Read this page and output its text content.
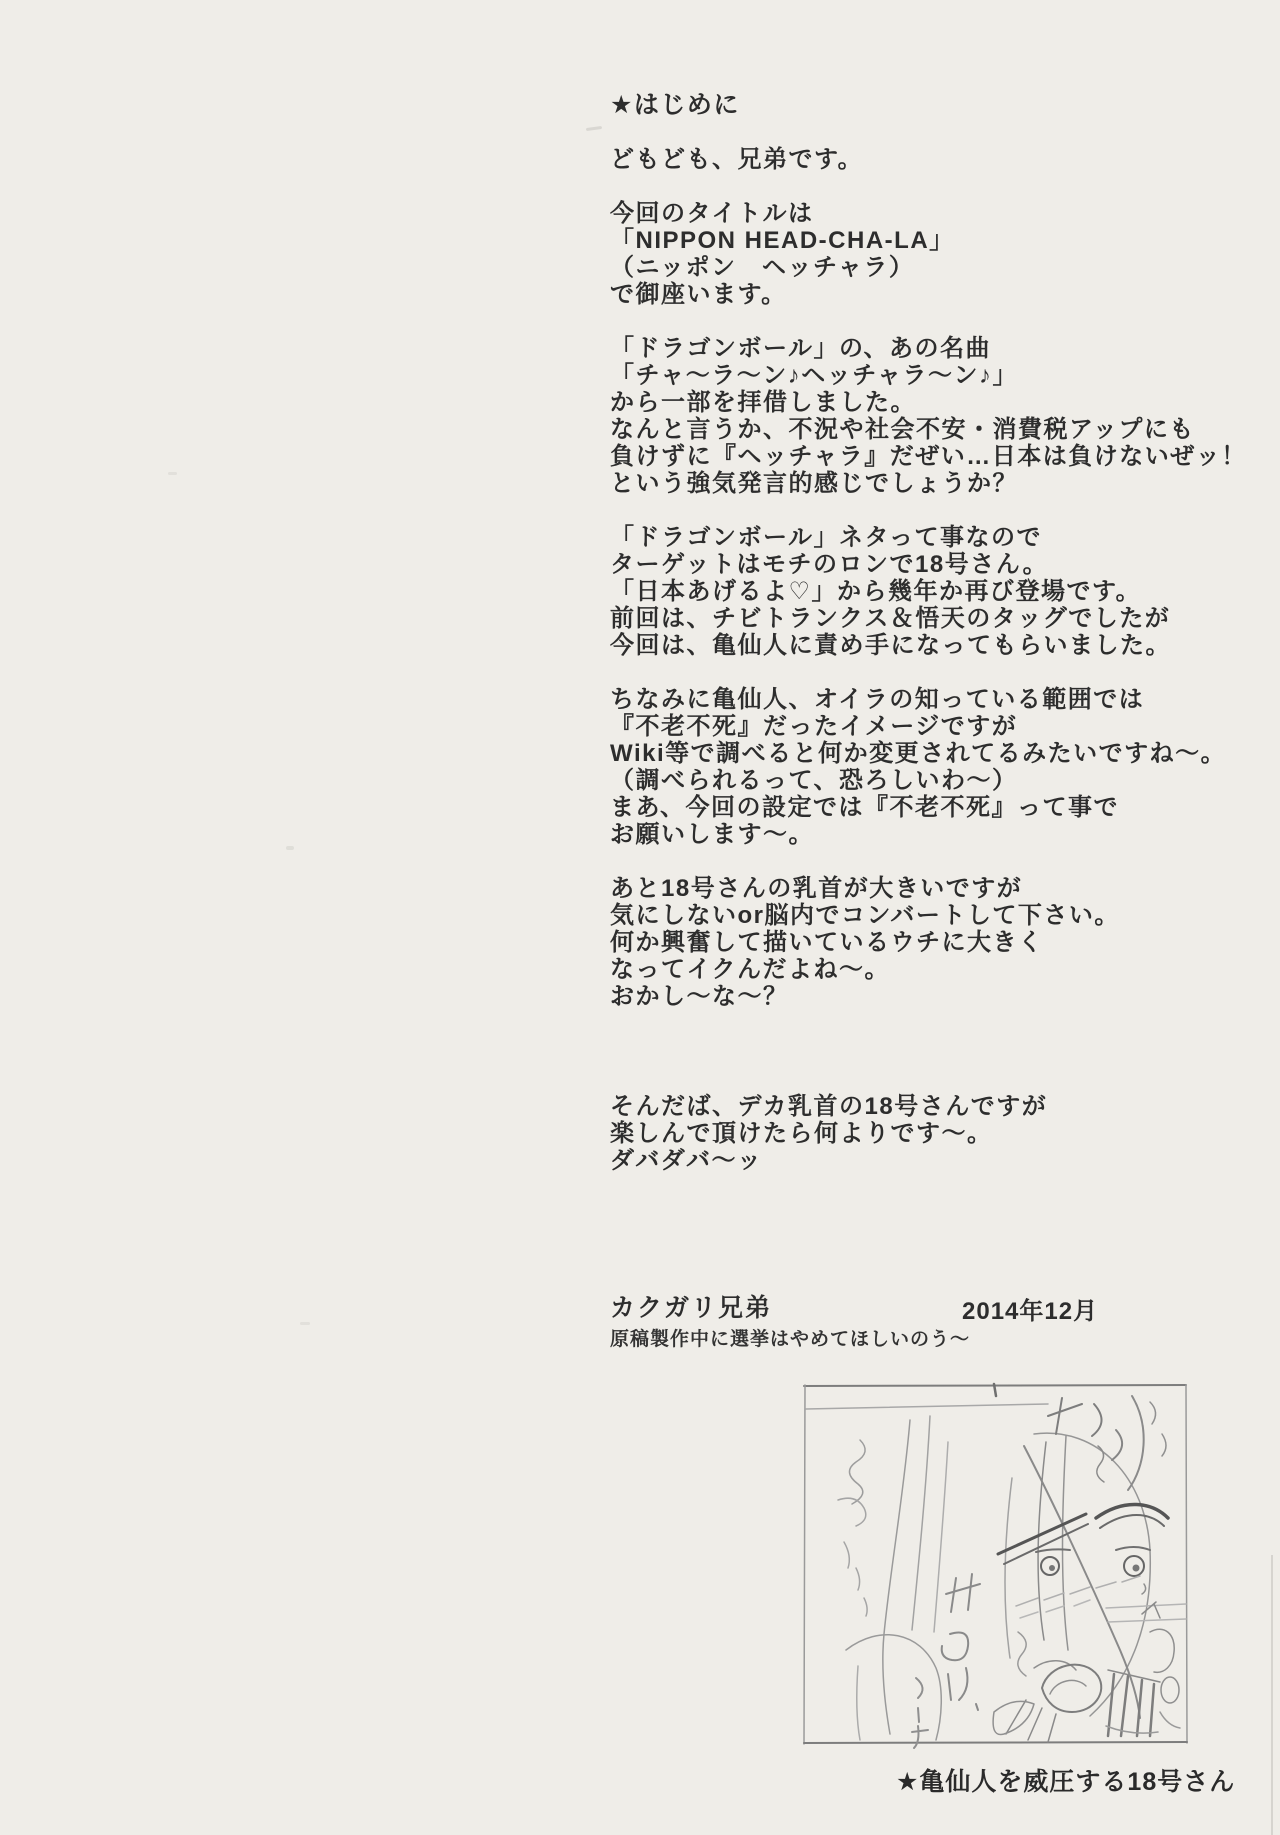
★はじめに
どもども、兄弟です。
今回のタイトルは
「NIPPON HEAD-CHA-LA」
（ニッポン　ヘッチャラ）
で御座います。
「ドラゴンボール」の、あの名曲
「チャ〜ラ〜ン♪ヘッチャラ〜ン♪」
から一部を拝借しました。
なんと言うか、不況や社会不安・消費税アップにも
負けずに『ヘッチャラ』だぜい…日本は負けないぜッ！
という強気発言的感じでしょうか？
「ドラゴンボール」ネタって事なので
ターゲットはモチのロンで18号さん。
「日本あげるよ♡」から幾年か再び登場です。
前回は、チビトランクス＆悟天のタッグでしたが
今回は、亀仙人に責め手になってもらいました。
ちなみに亀仙人、オイラの知っている範囲では
『不老不死』だったイメージですが
Wiki等で調べると何か変更されてるみたいですね〜。
（調べられるって、恐ろしいわ〜）
まあ、今回の設定では『不老不死』って事で
お願いします〜。
あと18号さんの乳首が大きいですが
気にしないor脳内でコンバートして下さい。
何か興奮して描いているウチに大きく
なってイクんだよね〜。
おかし〜な〜？
そんだば、デカ乳首の18号さんですが
楽しんで頂けたら何よりです〜。
ダバダバ〜ッ
カクガリ兄弟	2014年12月
原稿製作中に選挙はやめてほしいのう〜
★亀仙人を威圧する18号さん
